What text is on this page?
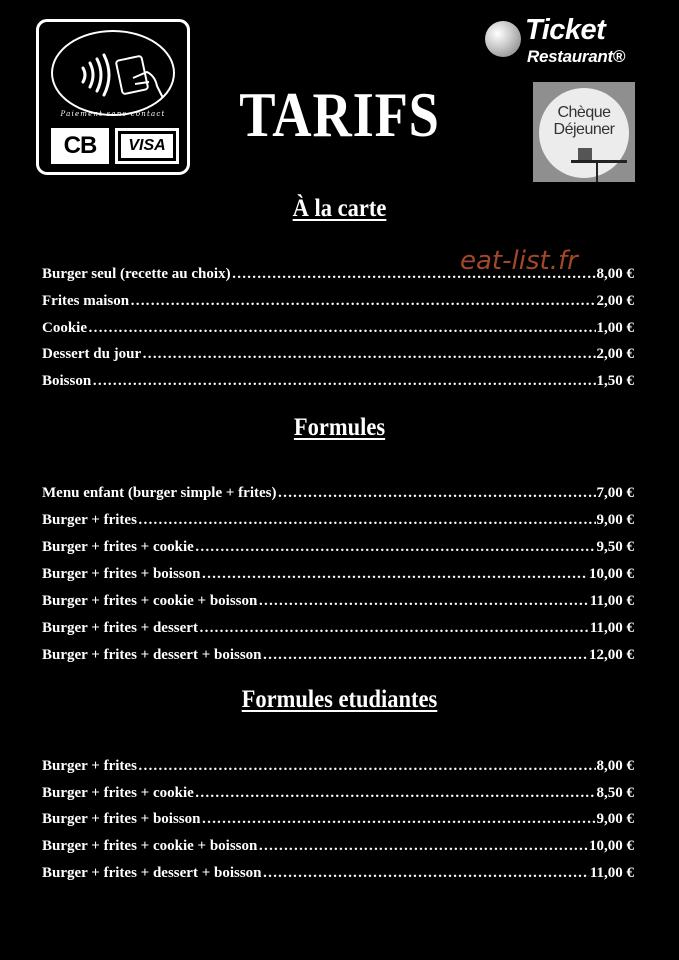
Paiement sans contact
CB	VISA	TARIFS
Ticket
Restaurant®
Chèque
Déjeuner
eat-list.fr
À la carte
Burger seul (recette au choix) ……………………………………………………………………………………………………………………………………………………	8,00 €
Frites maison ……………………………………………………………………………………………………………………………………………………	2,00 €
Cookie ……………………………………………………………………………………………………………………………………………………	1,00 €
Dessert du jour ……………………………………………………………………………………………………………………………………………………	2,00 €
Boisson ……………………………………………………………………………………………………………………………………………………	1,50 €
Formules
Menu enfant (burger simple + frites) ……………………………………………………………………………………………………………………………………………………	7,00 €
Burger + frites ……………………………………………………………………………………………………………………………………………………	9,00 €
Burger + frites + cookie ……………………………………………………………………………………………………………………………………………………	9,50 €
Burger + frites + boisson ……………………………………………………………………………………………………………………………………………………	10,00 €
Burger + frites + cookie + boisson ……………………………………………………………………………………………………………………………………………………	11,00 €
Burger + frites + dessert ……………………………………………………………………………………………………………………………………………………	11,00 €
Burger + frites + dessert + boisson ……………………………………………………………………………………………………………………………………………………	12,00 €
Formules etudiantes
Burger + frites ……………………………………………………………………………………………………………………………………………………	8,00 €
Burger + frites + cookie ……………………………………………………………………………………………………………………………………………………	8,50 €
Burger + frites + boisson ……………………………………………………………………………………………………………………………………………………	9,00 €
Burger + frites + cookie + boisson ……………………………………………………………………………………………………………………………………………………	10,00 €
Burger + frites + dessert + boisson ……………………………………………………………………………………………………………………………………………………	11,00 €
